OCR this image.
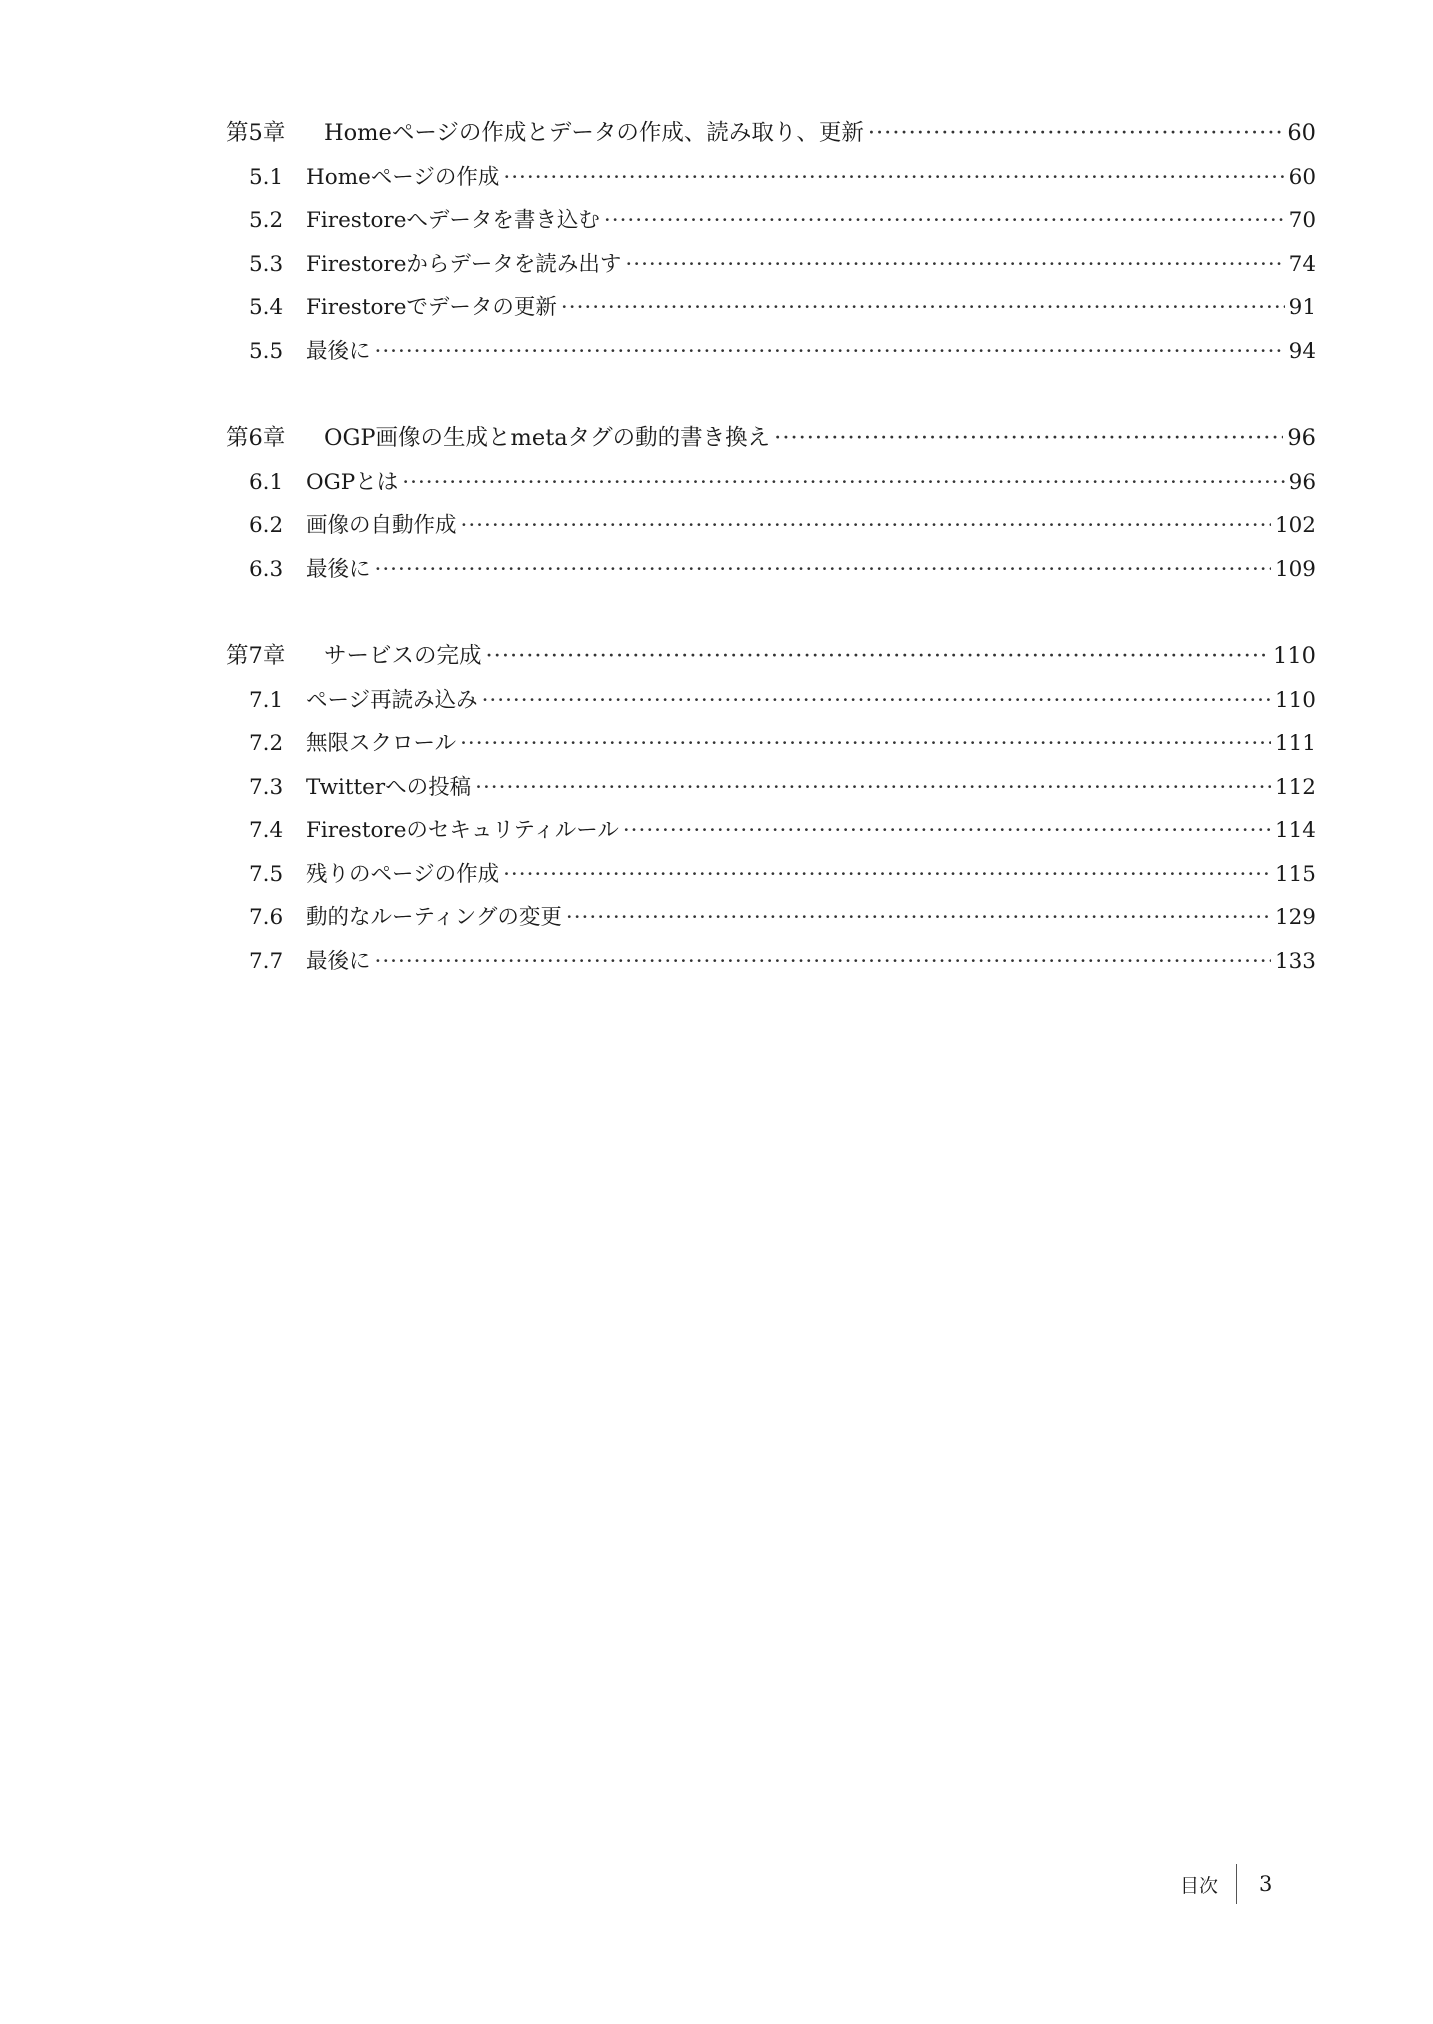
第5章	Homeページの作成とデータの作成、読み取り、更新 ·····	60
5.1	Homeページの作成 ·····	60
5.2	Firestoreへデータを書き込む ·····	70
5.3	Firestoreからデータを読み出す ·····	74
5.4	Firestoreでデータの更新 ·····	91
5.5	最後に ·····	94
第6章	OGP画像の生成とmetaタグの動的書き換え ·····	96
6.1	OGPとは ·····	96
6.2	画像の自動作成 ·····	102
6.3	最後に ·····	109
第7章	サービスの完成 ·····	110
7.1	ページ再読み込み ·····	110
7.2	無限スクロール ·····	111
7.3	Twitterへの投稿 ·····	112
7.4	Firestoreのセキュリティルール ·····	114
7.5	残りのページの作成 ·····	115
7.6	動的なルーティングの変更 ·····	129
7.7	最後に ·····	133
目次 3
